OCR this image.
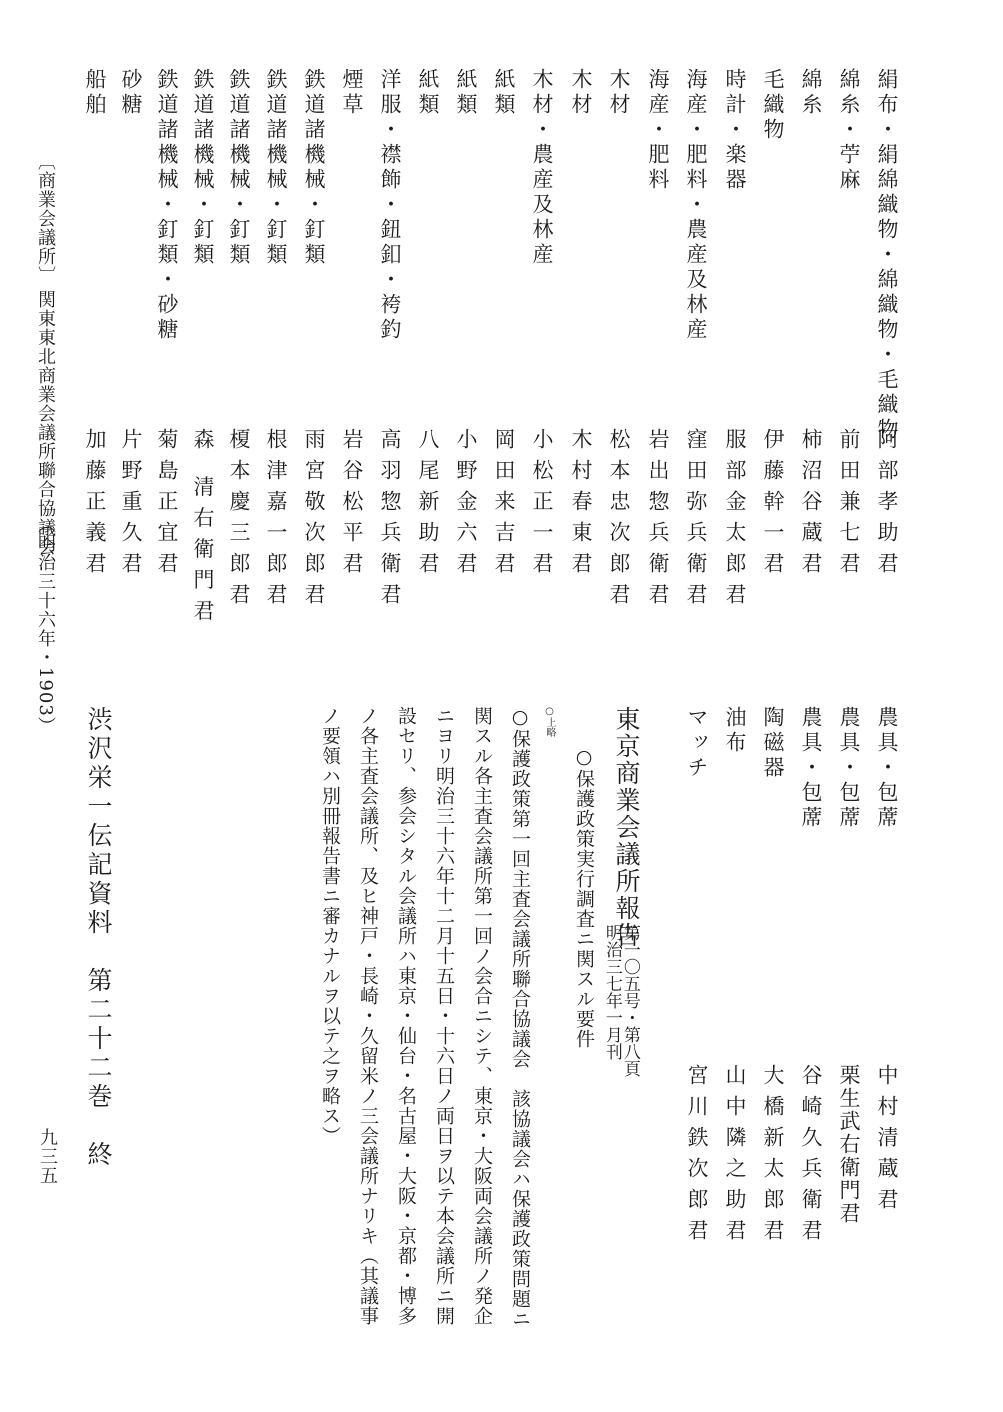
絹布・絹綿織物・綿織物・毛織物
綿糸・苧麻
綿糸
毛織物
時計・楽器
海産・肥料・農産及林産
海産・肥料
木材
木材
木材・農産及林産
紙類
紙類
紙類
洋服・襟飾・鈕釦・袴釣
煙草
鉄道諸機械・釘類
鉄道諸機械・釘類
鉄道諸機械・釘類
鉄道諸機械・釘類
鉄道諸機械・釘類・砂糖
砂糖
船舶
阿部孝助君
前田兼七君
柿沼谷蔵君
伊藤幹一君
服部金太郎君
窪田弥兵衛君
岩出惣兵衛君
松本忠次郎君
木村春東君
小松正一君
岡田来吉君
小野金六君
八尾新助君
高羽惣兵衛君
岩谷松平君
雨宮敬次郎君
根津嘉一郎君
榎本慶三郎君
森 清右衛門君
菊島正宜君
片野重久君
加藤正義君
〔商業会議所〕
関東東北商業会議所聯合協議会
（明治三十六年・1903）
農具・包蓆
農具・包蓆
農具・包蓆
陶磁器
油布
マッチ
中村清蔵君
栗生武右衛門君
谷崎久兵衛君
大橋新太郎君
山中隣之助君
宮川鉄次郎君
東京商業会議所報告
第一〇五号・第八頁
明治三七年一月刊
○保護政策実行調査ニ関スル要件
○上略
○保護政策第一回主査会議所聯合協議会　該協議会ハ保護政策問題ニ
関スル各主査会議所第一回ノ会合ニシテ、東京・大阪両会議所ノ発企
ニヨリ明治三十六年十二月十五日・十六日ノ両日ヲ以テ本会議所ニ開
設セリ、参会シタル会議所ハ東京・仙台・名古屋・大阪・京都・博多
ノ各主査会議所、及ヒ神戸・長崎・久留米ノ三会議所ナリキ（其議事
ノ要領ハ別冊報告書ニ審カナルヲ以テ之ヲ略ス）
渋沢栄一伝記資料　第二十二巻　終
九三五
